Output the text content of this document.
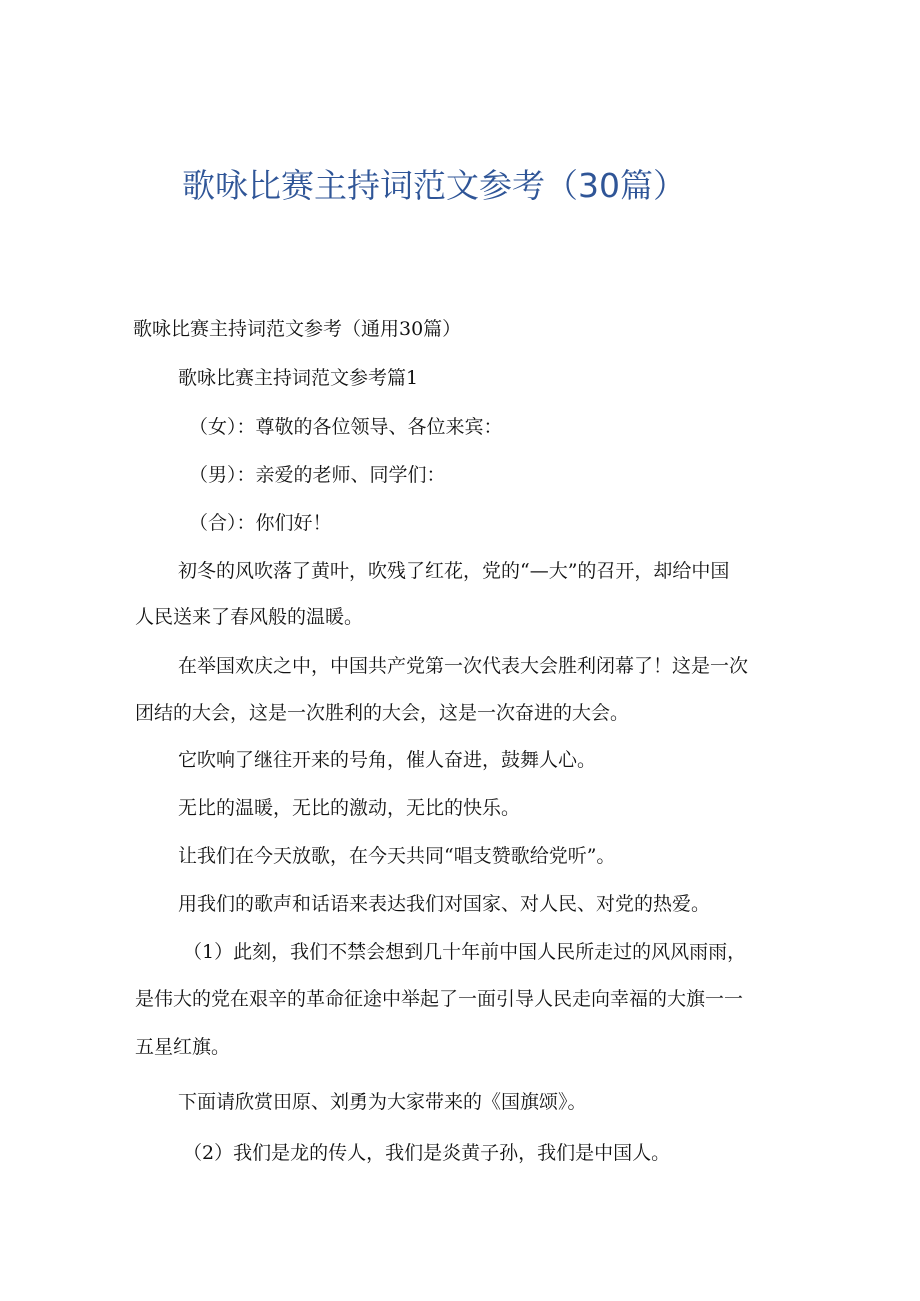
歌咏比赛主持词范文参考（30篇）

歌咏比赛主持词范文参考（通用30篇）

歌咏比赛主持词范文参考篇1

（女）：尊敬的各位领导、各位来宾：

（男）：亲爱的老师、同学们：

（合）：你们好！

初冬的风吹落了黄叶，吹残了红花，党的“—大”的召开，却给中国

人民送来了春风般的温暖。

在举国欢庆之中，中国共产党第一次代表大会胜利闭幕了！这是一次

团结的大会，这是一次胜利的大会，这是一次奋进的大会。

它吹响了继往开来的号角，催人奋进，鼓舞人心。

无比的温暖，无比的激动，无比的快乐。

让我们在今天放歌，在今天共同“唱支赞歌给党听”。

用我们的歌声和话语来表达我们对国家、对人民、对党的热爱。

（1）此刻，我们不禁会想到几十年前中国人民所走过的风风雨雨，

是伟大的党在艰辛的革命征途中举起了一面引导人民走向幸福的大旗一一

五星红旗。

下面请欣赏田原、刘勇为大家带来的《国旗颂》。

（2）我们是龙的传人，我们是炎黄子孙，我们是中国人。
